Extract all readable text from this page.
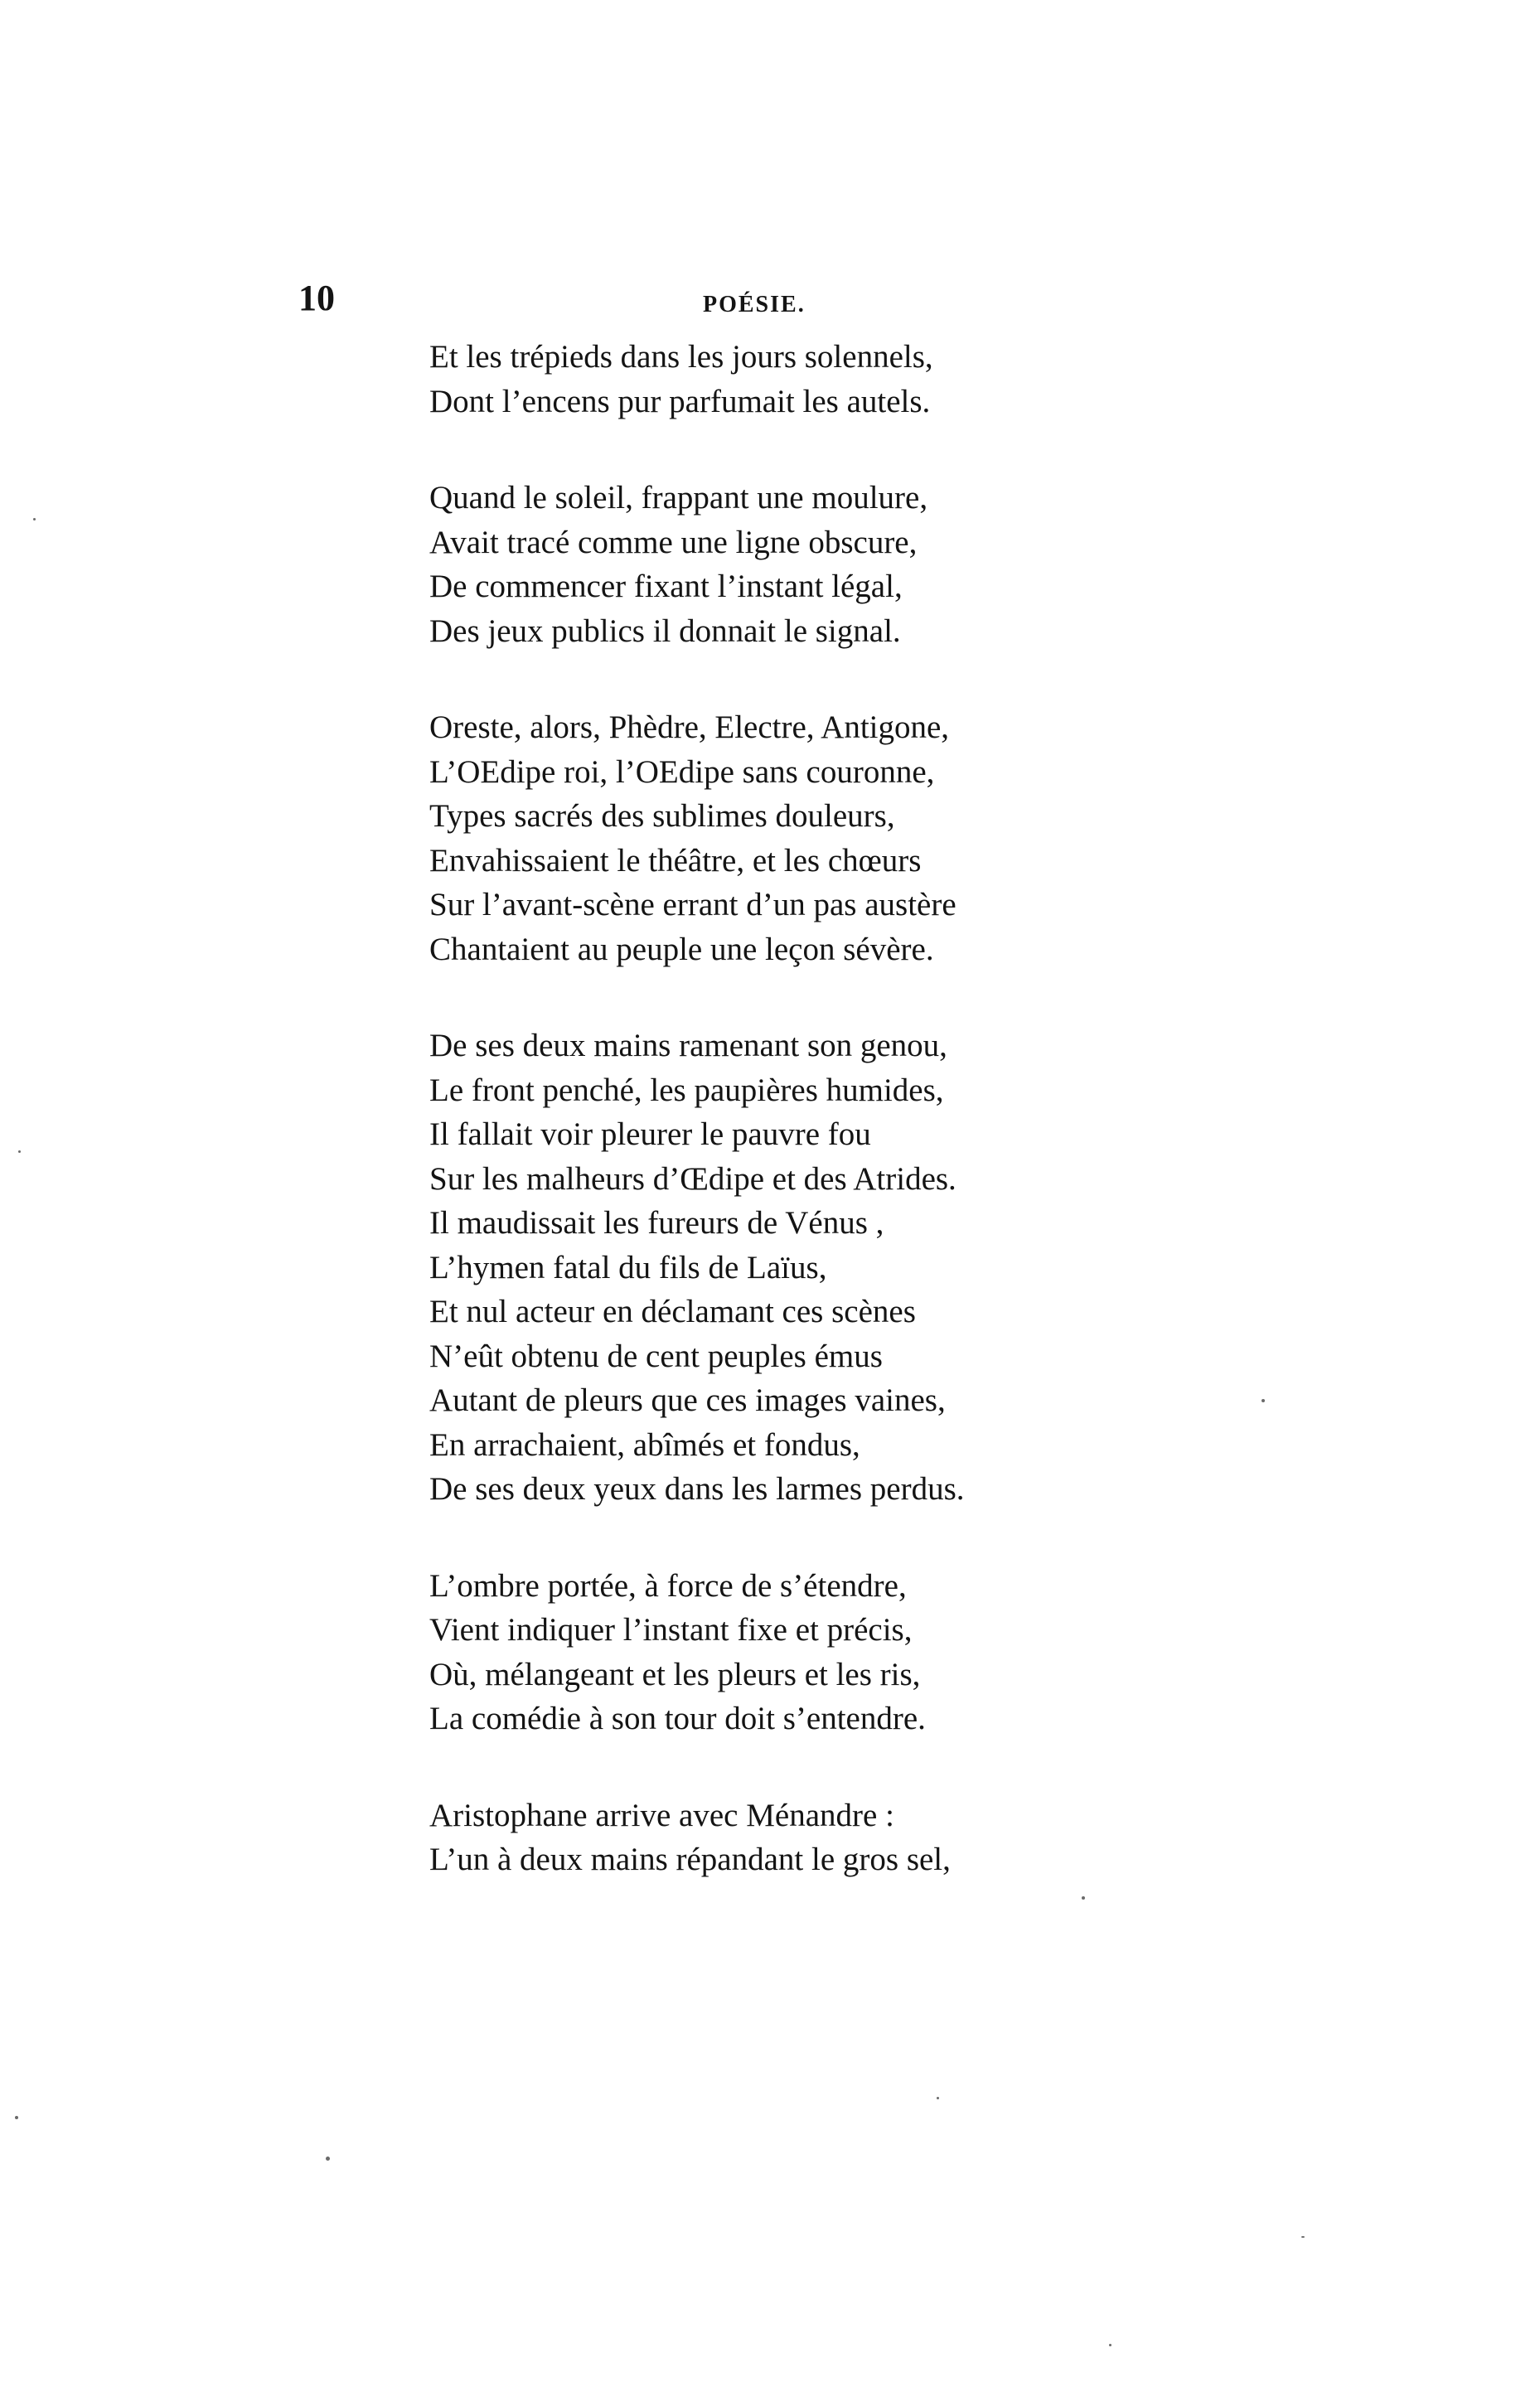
10	POÉSIE.
Et les trépieds dans les jours solennels,
Dont l’encens pur parfumait les autels.
Quand le soleil, frappant une moulure,
Avait tracé comme une ligne obscure,
De commencer fixant l’instant légal,
Des jeux publics il donnait le signal.
Oreste, alors, Phèdre, Electre, Antigone,
L’OEdipe roi, l’OEdipe sans couronne,
Types sacrés des sublimes douleurs,
Envahissaient le théâtre, et les chœurs
Sur l’avant-scène errant d’un pas austère
Chantaient au peuple une leçon sévère.
De ses deux mains ramenant son genou,
Le front penché, les paupières humides,
Il fallait voir pleurer le pauvre fou
Sur les malheurs d’Œdipe et des Atrides.
Il maudissait les fureurs de Vénus ,
L’hymen fatal du fils de Laïus,
Et nul acteur en déclamant ces scènes
N’eût obtenu de cent peuples émus
Autant de pleurs que ces images vaines,
En arrachaient, abîmés et fondus,
De ses deux yeux dans les larmes perdus.
L’ombre portée, à force de s’étendre,
Vient indiquer l’instant fixe et précis,
Où, mélangeant et les pleurs et les ris,
La comédie à son tour doit s’entendre.
Aristophane arrive avec Ménandre :
L’un à deux mains répandant le gros sel,
